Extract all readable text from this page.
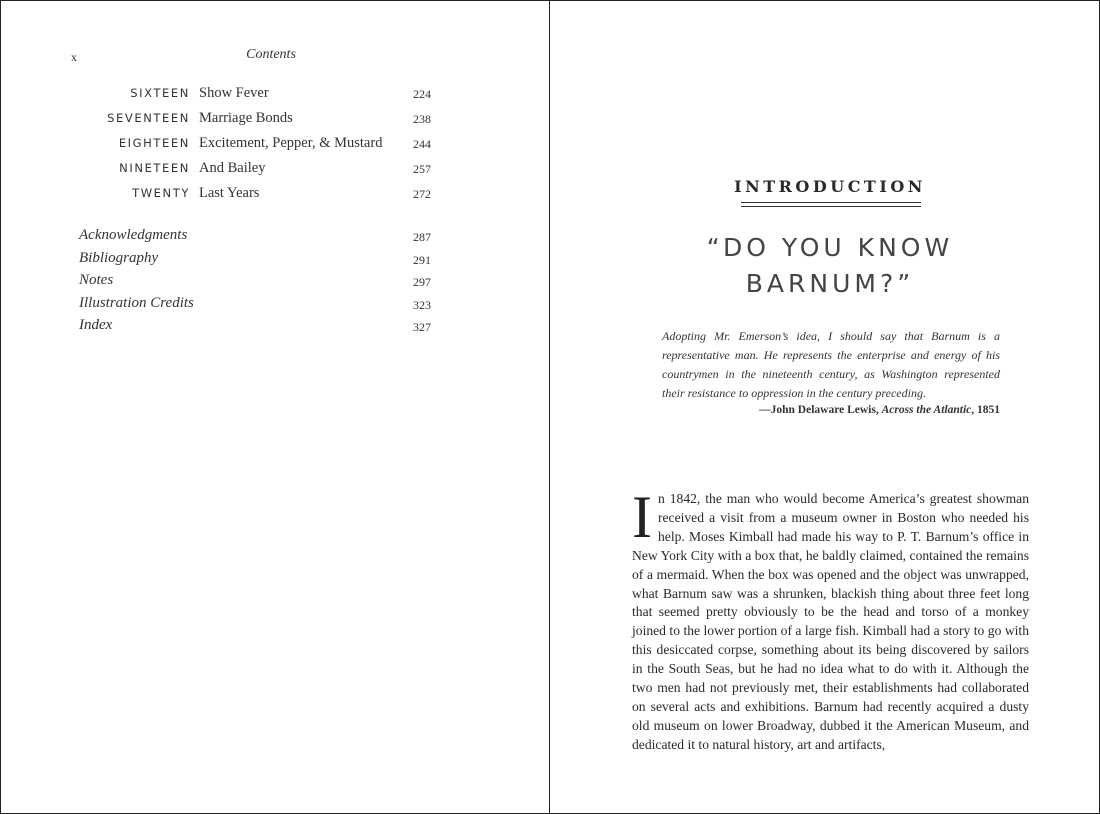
x	Contents
SIXTEEN Show Fever	224
SEVENTEEN Marriage Bonds	238
EIGHTEEN Excitement, Pepper, & Mustard	244
NINETEEN And Bailey	257
TWENTY Last Years	272
Acknowledgments	287
Bibliography	291
Notes	297
Illustration Credits	323
Index	327
INTRODUCTION
“DO YOU KNOW
BARNUM?”
Adopting Mr. Emerson’s idea, I should say that Barnum is a representative man. He represents the enterprise and energy of his countrymen in the nineteenth century, as Washington represented their resistance to oppression in the century preceding.
—John Delaware Lewis, Across the Atlantic, 1851
In 1842, the man who would become America’s greatest showman received a visit from a museum owner in Boston who needed his help. Moses Kimball had made his way to P. T. Barnum’s office in New York City with a box that, he baldly claimed, contained the remains of a mermaid. When the box was opened and the object was unwrapped, what Barnum saw was a shrunken, blackish thing about three feet long that seemed pretty obviously to be the head and torso of a monkey joined to the lower portion of a large fish. Kimball had a story to go with this desiccated corpse, something about its being discovered by sailors in the South Seas, but he had no idea what to do with it. Although the two men had not previously met, their establishments had collaborated on several acts and exhibitions. Barnum had recently acquired a dusty old museum on lower Broadway, dubbed it the American Museum, and dedicated it to natural history, art and artifacts,
